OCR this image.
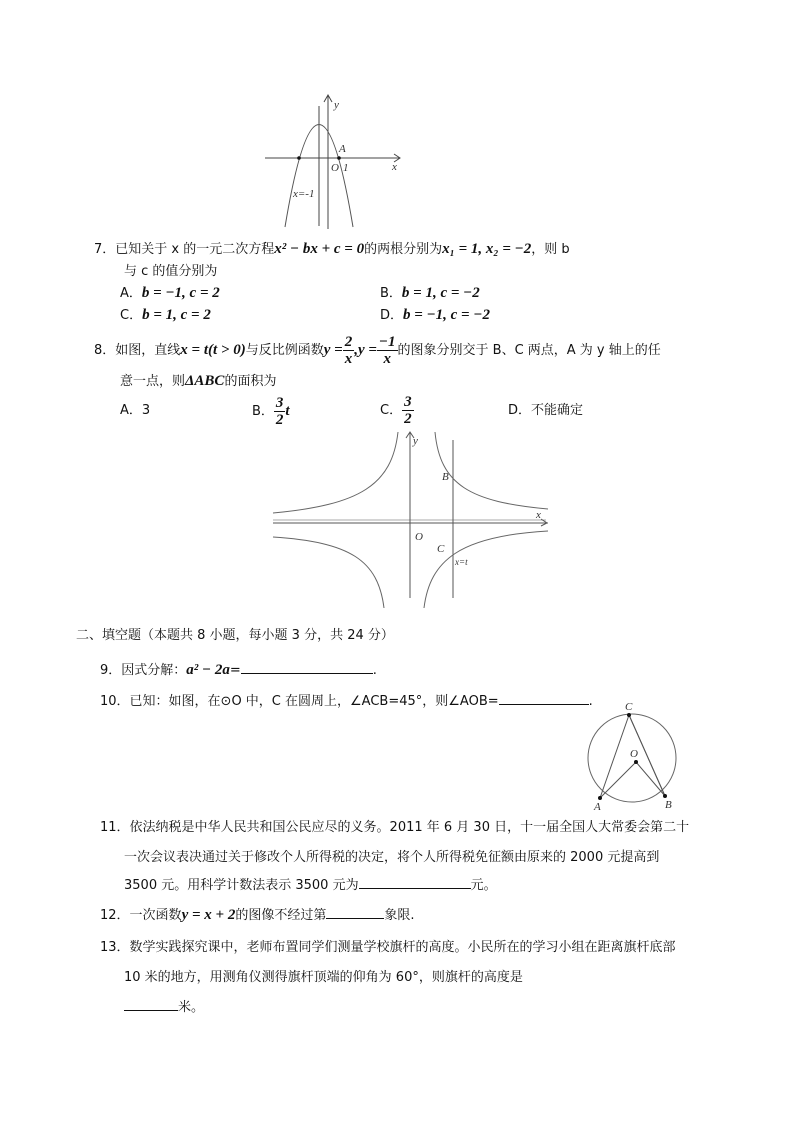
y
x
A
O 1
x=-1
7．已知关于 x 的一元二次方程x² − bx + c = 0的两根分别为x₁ = 1, x₂ = −2，则 b
与 c 的值分别为
A．b = −1, c = 2	B．b = 1, c = −2
C．b = 1, c = 2	D．b = −1, c = −2
8．如图，直线x = t(t > 0)与反比例函数$y = \frac{2}{x} ,y = \frac{-1}{x}$ 的图象分别交于 B、C 两点，A 为 y 轴上的任
意一点，则ΔABC的面积为
A．3	B． $\frac{3}{2}$ t	C． $\frac{3}{2}$	D．不能确定
y
x
O
B
C
x=t
二、填空题（本题共 8 小题，每小题 3 分，共 24 分）
9．因式分解：a² − 2a=	.
10．已知：如图，在⊙O 中，C 在圆周上，∠ACB=45°，则∠AOB=	.	C
O
A	B
11．依法纳税是中华人民共和国公民应尽的义务。2011 年 6 月 30 日，十一届全国人大常委会第二十
一次会议表决通过关于修改个人所得税的决定，将个人所得税免征额由原来的 2000 元提高到
3500 元。用科学计数法表示 3500 元为	元。
12．一次函数y = x + 2的图像不经过第	象限.
13．数学实践探究课中，老师布置同学们测量学校旗杆的高度。小民所在的学习小组在距离旗杆底部
10 米的地方，用测角仪测得旗杆顶端的仰角为 60°，则旗杆的高度是
米。
